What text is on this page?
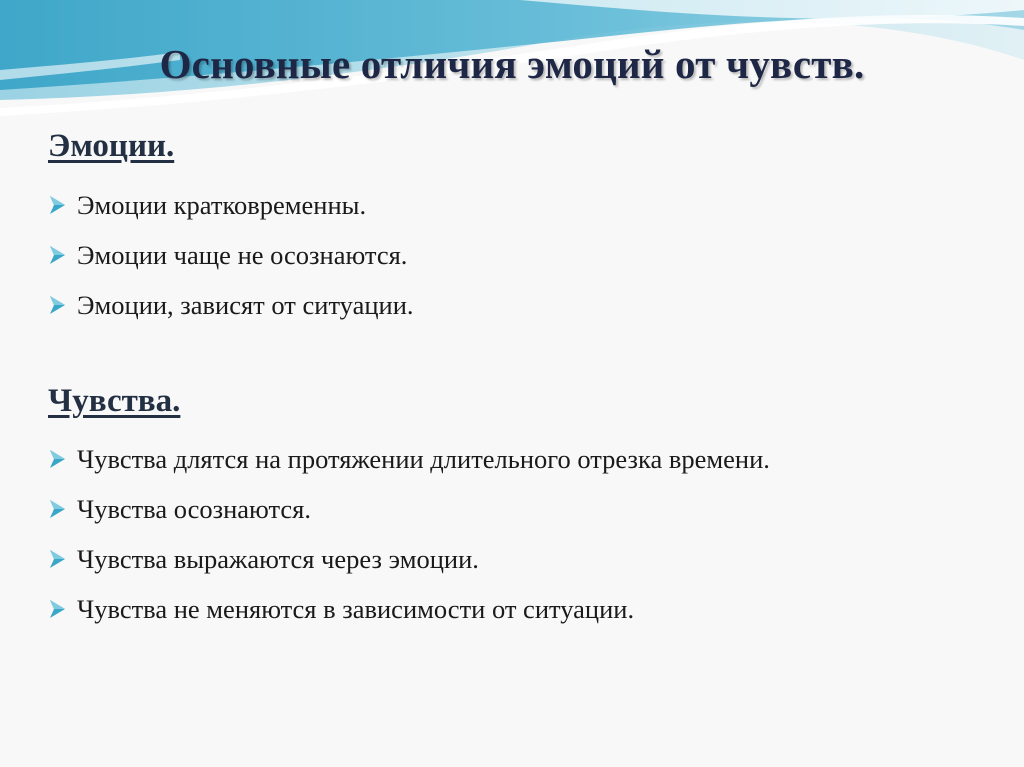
Основные отличия эмоций от чувств.
Эмоции.
Эмоции кратковременны.
Эмоции чаще не осознаются.
Эмоции, зависят от ситуации.
Чувства.
Чувства длятся на протяжении длительного отрезка времени.
Чувства осознаются.
Чувства выражаются через эмоции.
Чувства не меняются в зависимости от ситуации.
